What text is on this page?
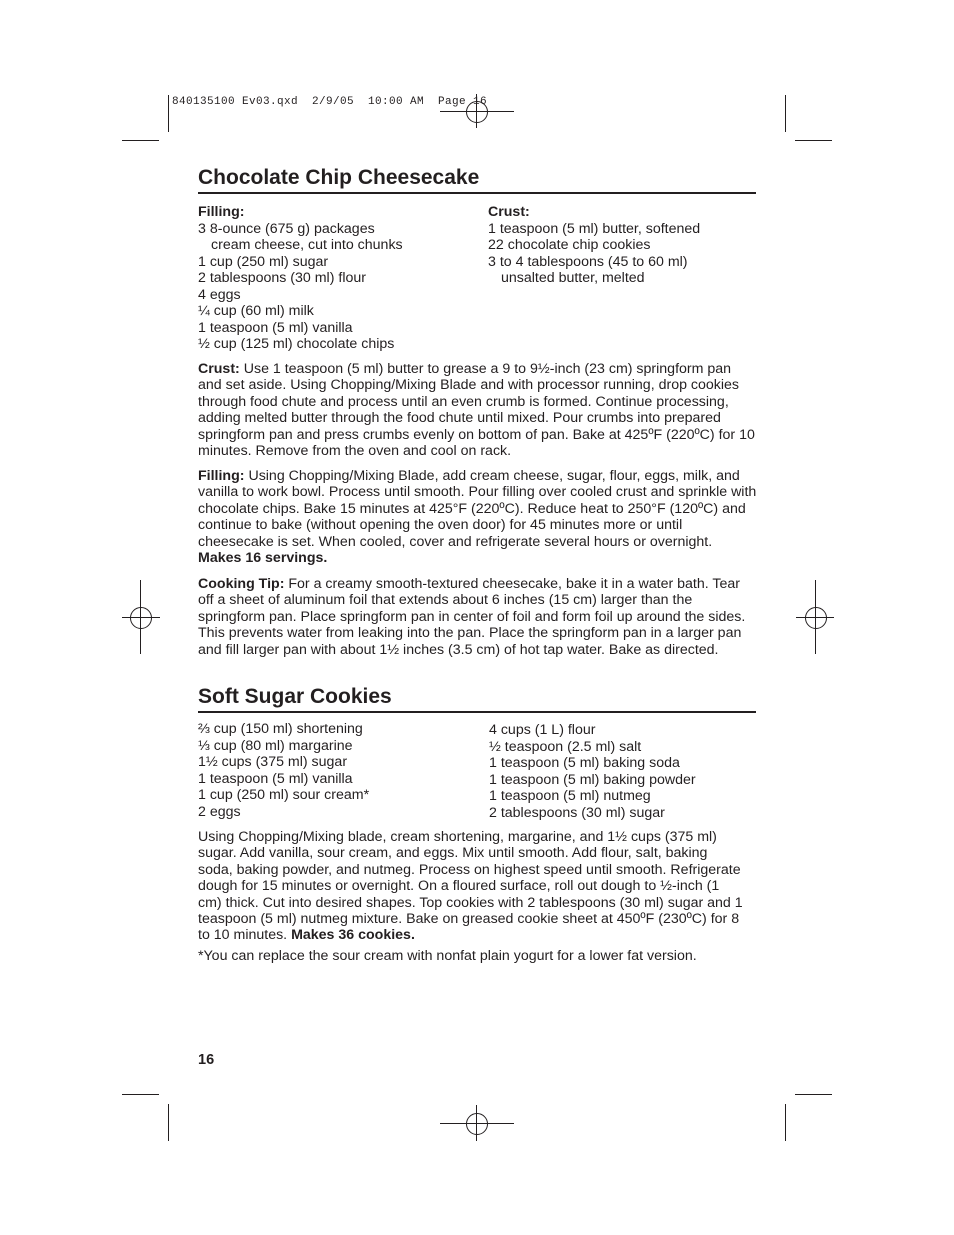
840135100 Ev03.qxd  2/9/05  10:00 AM  Page 16
Chocolate Chip Cheesecake
Filling:
3 8-ounce (675 g) packages
cream cheese, cut into chunks
1 cup (250 ml) sugar
2 tablespoons (30 ml) flour
4 eggs
¼ cup (60 ml) milk
1 teaspoon (5 ml) vanilla
½ cup (125 ml) chocolate chips
Crust:
1 teaspoon (5 ml) butter, softened
22 chocolate chip cookies
3 to 4 tablespoons (45 to 60 ml)
unsalted butter, melted
Crust: Use 1 teaspoon (5 ml) butter to grease a 9 to 9½-inch (23 cm) springform pan and set aside. Using Chopping/Mixing Blade and with processor running, drop cookies through food chute and process until an even crumb is formed. Continue processing, adding melted butter through the food chute until mixed. Pour crumbs into prepared springform pan and press crumbs evenly on bottom of pan. Bake at 425ºF (220ºC) for 10 minutes. Remove from the oven and cool on rack.
Filling: Using Chopping/Mixing Blade, add cream cheese, sugar, flour, eggs, milk, and vanilla to work bowl. Process until smooth. Pour filling over cooled crust and sprinkle with chocolate chips. Bake 15 minutes at 425°F (220ºC). Reduce heat to 250°F (120ºC) and continue to bake (without opening the oven door) for 45 minutes more or until cheesecake is set. When cooled, cover and refrigerate several hours or overnight. Makes 16 servings.
Cooking Tip: For a creamy smooth-textured cheesecake, bake it in a water bath. Tear off a sheet of aluminum foil that extends about 6 inches (15 cm) larger than the springform pan. Place springform pan in center of foil and form foil up around the sides. This prevents water from leaking into the pan. Place the springform pan in a larger pan and fill larger pan with about 1½ inches (3.5 cm) of hot tap water. Bake as directed.
Soft Sugar Cookies
⅔ cup (150 ml) shortening
⅓ cup (80 ml) margarine
1½ cups (375 ml) sugar
1 teaspoon (5 ml) vanilla
1 cup (250 ml) sour cream*
2 eggs
4 cups (1 L) flour
½ teaspoon (2.5 ml) salt
1 teaspoon (5 ml) baking soda
1 teaspoon (5 ml) baking powder
1 teaspoon (5 ml) nutmeg
2 tablespoons (30 ml) sugar
Using Chopping/Mixing blade, cream shortening, margarine, and 1½ cups (375 ml) sugar. Add vanilla, sour cream, and eggs. Mix until smooth. Add flour, salt, baking soda, baking powder, and nutmeg. Process on highest speed until smooth. Refrigerate dough for 15 minutes or overnight. On a floured surface, roll out dough to ½-inch (1 cm) thick. Cut into desired shapes. Top cookies with 2 tablespoons (30 ml) sugar and 1 teaspoon (5 ml) nutmeg mixture. Bake on greased cookie sheet at 450ºF (230ºC) for 8 to 10 minutes. Makes 36 cookies.
*You can replace the sour cream with nonfat plain yogurt for a lower fat version.
16
